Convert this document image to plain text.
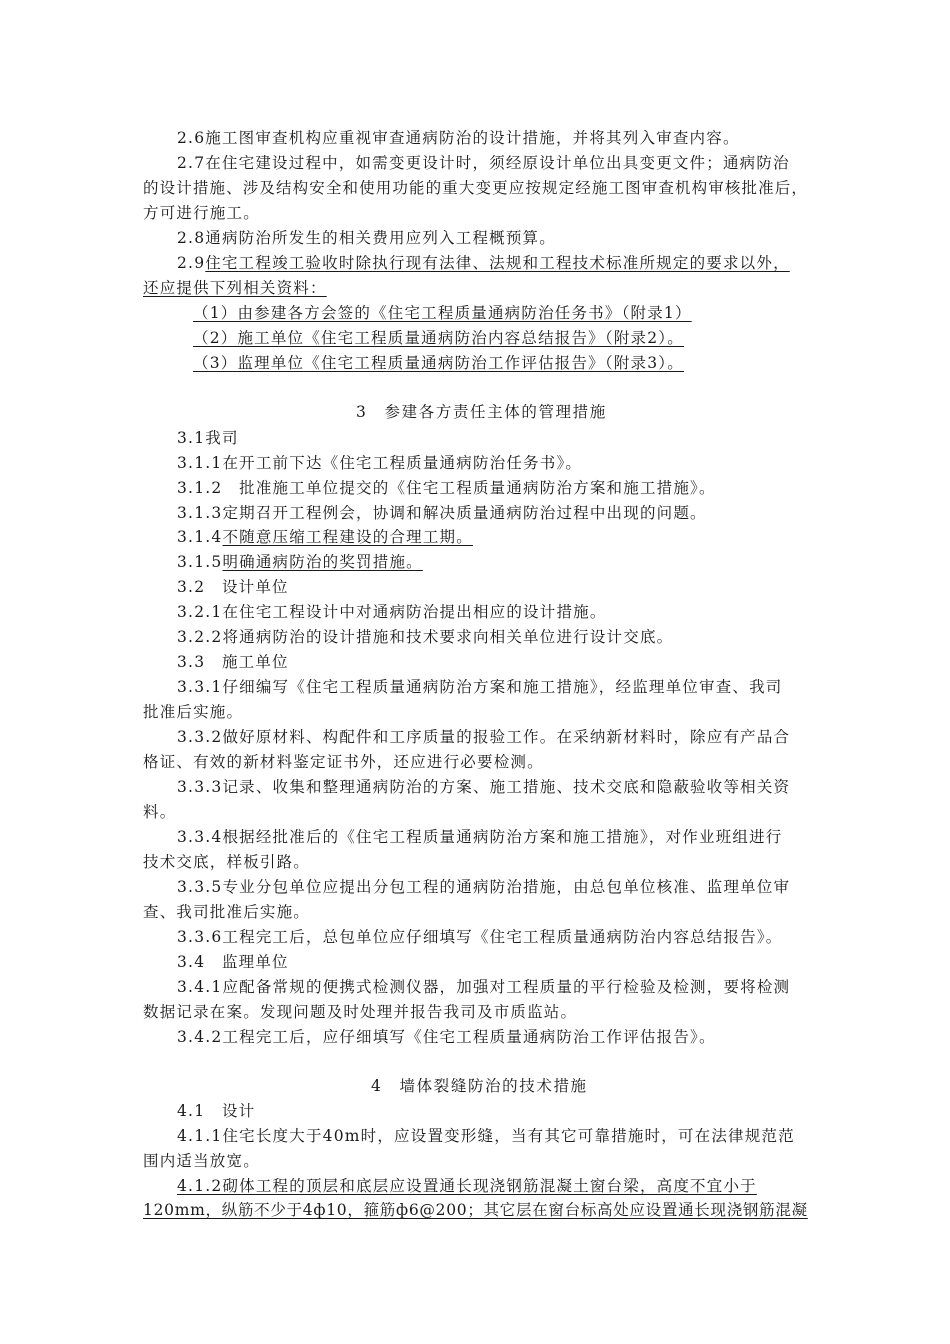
2.6施工图审查机构应重视审查通病防治的设计措施，并将其列入审查内容。
2.7在住宅建设过程中，如需变更设计时，须经原设计单位出具变更文件；通病防治
的设计措施、涉及结构安全和使用功能的重大变更应按规定经施工图审查机构审核批准后，
方可进行施工。
2.8通病防治所发生的相关费用应列入工程概预算。
2.9住宅工程竣工验收时除执行现有法律、法规和工程技术标准所规定的要求以外，
还应提供下列相关资料：
（1）由参建各方会签的《住宅工程质量通病防治任务书》（附录1）
（2）施工单位《住宅工程质量通病防治内容总结报告》（附录2）。
（3）监理单位《住宅工程质量通病防治工作评估报告》（附录3）。
3　参建各方责任主体的管理措施
3.1我司
3.1.1在开工前下达《住宅工程质量通病防治任务书》。
3.1.2　批准施工单位提交的《住宅工程质量通病防治方案和施工措施》。
3.1.3定期召开工程例会，协调和解决质量通病防治过程中出现的问题。
3.1.4不随意压缩工程建设的合理工期。
3.1.5明确通病防治的奖罚措施。
3.2　设计单位
3.2.1在住宅工程设计中对通病防治提出相应的设计措施。
3.2.2将通病防治的设计措施和技术要求向相关单位进行设计交底。
3.3　施工单位
3.3.1仔细编写《住宅工程质量通病防治方案和施工措施》，经监理单位审查、我司
批准后实施。
3.3.2做好原材料、构配件和工序质量的报验工作。在采纳新材料时，除应有产品合
格证、有效的新材料鉴定证书外，还应进行必要检测。
3.3.3记录、收集和整理通病防治的方案、施工措施、技术交底和隐蔽验收等相关资
料。
3.3.4根据经批准后的《住宅工程质量通病防治方案和施工措施》，对作业班组进行
技术交底，样板引路。
3.3.5专业分包单位应提出分包工程的通病防治措施，由总包单位核准、监理单位审
查、我司批准后实施。
3.3.6工程完工后，总包单位应仔细填写《住宅工程质量通病防治内容总结报告》。
3.4　监理单位
3.4.1应配备常规的便携式检测仪器，加强对工程质量的平行检验及检测，要将检测
数据记录在案。发现问题及时处理并报告我司及市质监站。
3.4.2工程完工后，应仔细填写《住宅工程质量通病防治工作评估报告》。
4　墙体裂缝防治的技术措施
4.1　设计
4.1.1住宅长度大于40m时，应设置变形缝，当有其它可靠措施时，可在法律规范范
围内适当放宽。
4.1.2砌体工程的顶层和底层应设置通长现浇钢筋混凝土窗台梁，高度不宜小于
120mm，纵筋不少于4ф10，箍筋ф6@200；其它层在窗台标高处应设置通长现浇钢筋混凝
